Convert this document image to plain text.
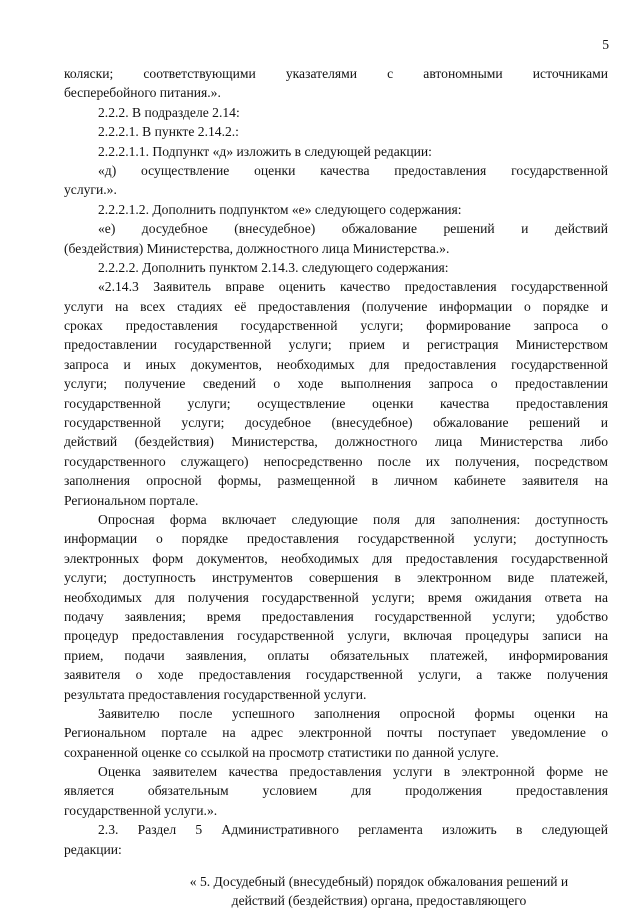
5
коляски; соответствующими указателями с автономными источниками
бесперебойного питания.».
2.2.2. В подразделе 2.14:
2.2.2.1. В пункте 2.14.2.:
2.2.2.1.1. Подпункт «д» изложить в следующей редакции:
«д) осуществление оценки качества предоставления государственной
услуги.».
2.2.2.1.2. Дополнить подпунктом «е» следующего содержания:
«е) досудебное (внесудебное) обжалование решений и действий
(бездействия) Министерства, должностного лица Министерства.».
2.2.2.2. Дополнить пунктом 2.14.3. следующего содержания:
«2.14.3 Заявитель вправе оценить качество предоставления государственной
услуги на всех стадиях её предоставления (получение информации о порядке и
сроках предоставления государственной услуги; формирование запроса о
предоставлении государственной услуги; прием и регистрация Министерством
запроса и иных документов, необходимых для предоставления государственной
услуги; получение сведений о ходе выполнения запроса о предоставлении
государственной услуги; осуществление оценки качества предоставления
государственной услуги; досудебное (внесудебное) обжалование решений и
действий (бездействия) Министерства, должностного лица Министерства либо
государственного служащего) непосредственно после их получения, посредством
заполнения опросной формы, размещенной в личном кабинете заявителя на
Региональном портале.
Опросная форма включает следующие поля для заполнения: доступность
информации о порядке предоставления государственной услуги; доступность
электронных форм документов, необходимых для предоставления государственной
услуги; доступность инструментов совершения в электронном виде платежей,
необходимых для получения государственной услуги; время ожидания ответа на
подачу заявления; время предоставления государственной услуги; удобство
процедур предоставления государственной услуги, включая процедуры записи на
прием, подачи заявления, оплаты обязательных платежей, информирования
заявителя о ходе предоставления государственной услуги, а также получения
результата предоставления государственной услуги.
Заявителю после успешного заполнения опросной формы оценки на
Региональном портале на адрес электронной почты поступает уведомление о
сохраненной оценке со ссылкой на просмотр статистики по данной услуге.
Оценка заявителем качества предоставления услуги в электронной форме не
является обязательным условием для продолжения предоставления
государственной услуги.».
2.3. Раздел 5 Административного регламента изложить в следующей
редакции:
« 5. Досудебный (внесудебный) порядок обжалования решений и
действий (бездействия) органа, предоставляющего
